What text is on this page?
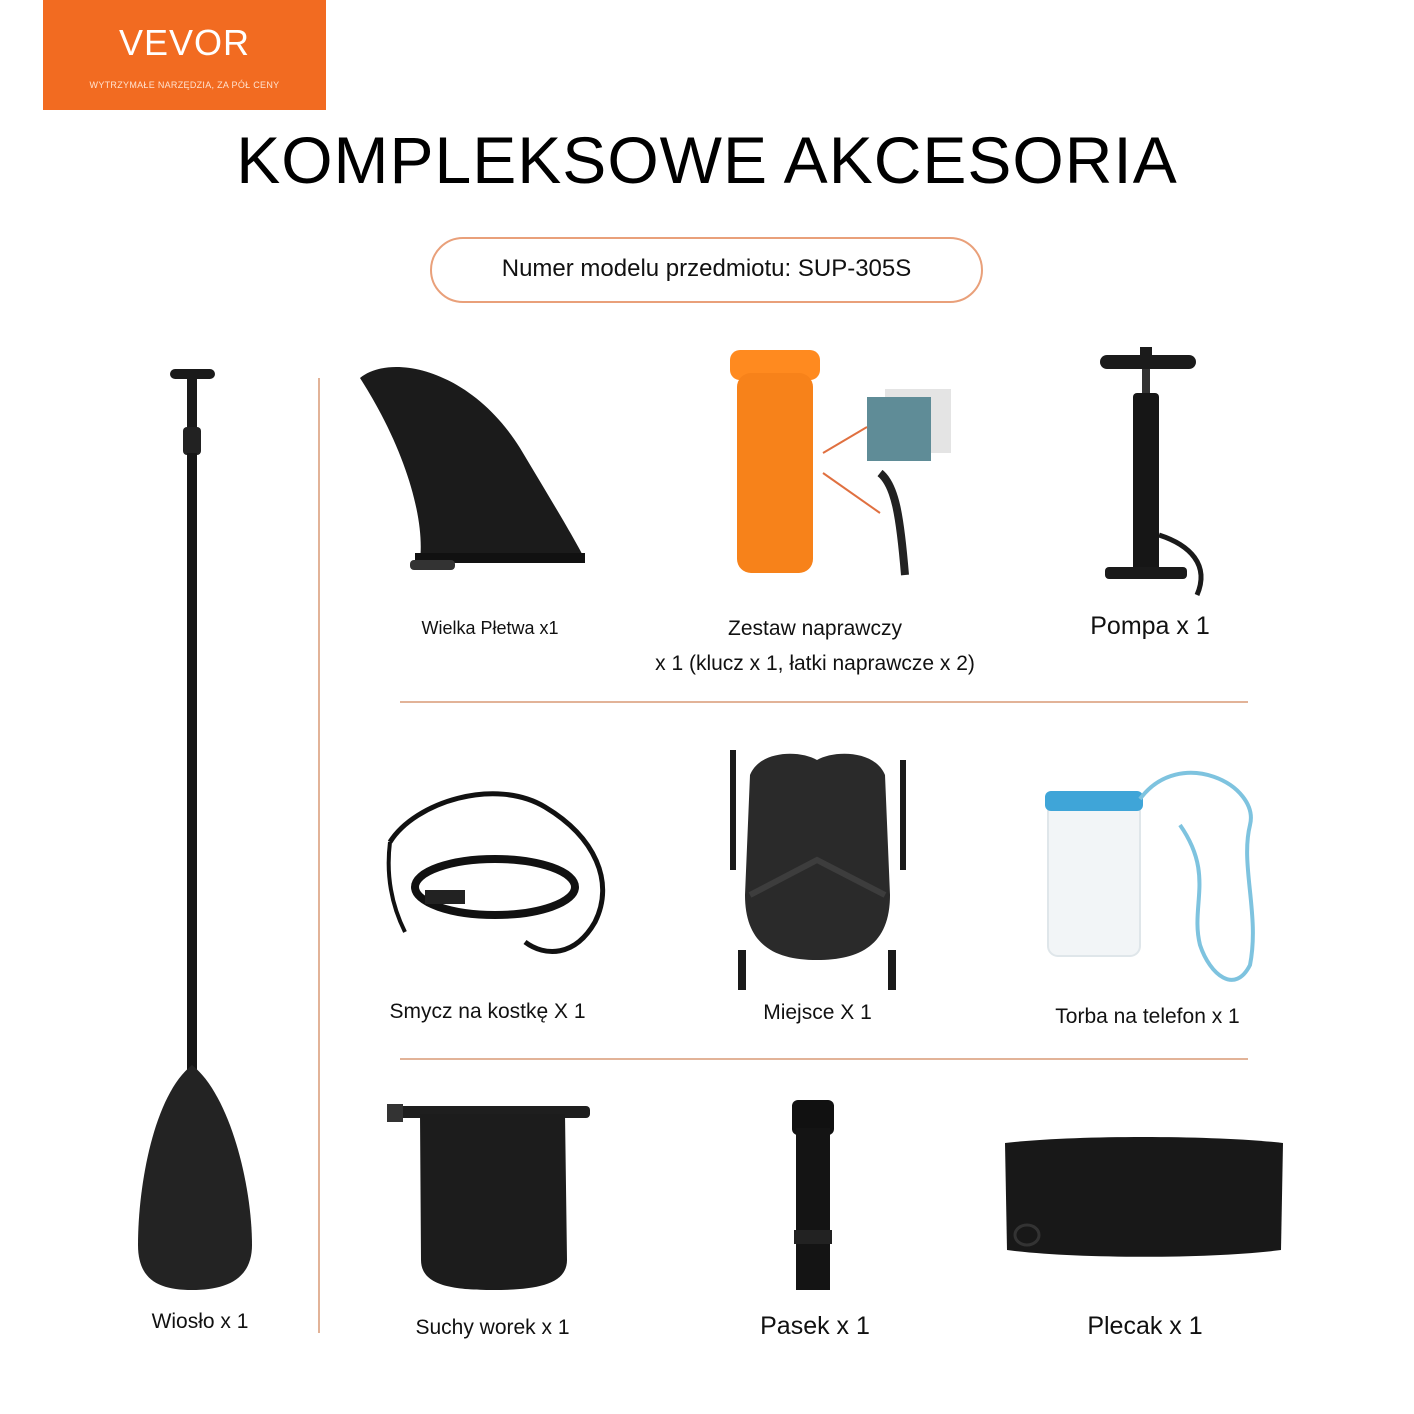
VEVOR
WYTRZYMAŁE NARZĘDZIA, ZA PÓŁ CENY
KOMPLEKSOWE AKCESORIA
Numer modelu przedmiotu: SUP-305S
Wiosło x 1
Wielka Płetwa x1	Zestaw naprawczy
x 1 (klucz x 1, łatki naprawcze x 2)
Pompa x 1
Smycz na kostkę X 1	Miejsce X 1	Torba na telefon x 1
Suchy worek x 1	Pasek x 1	Plecak x 1
